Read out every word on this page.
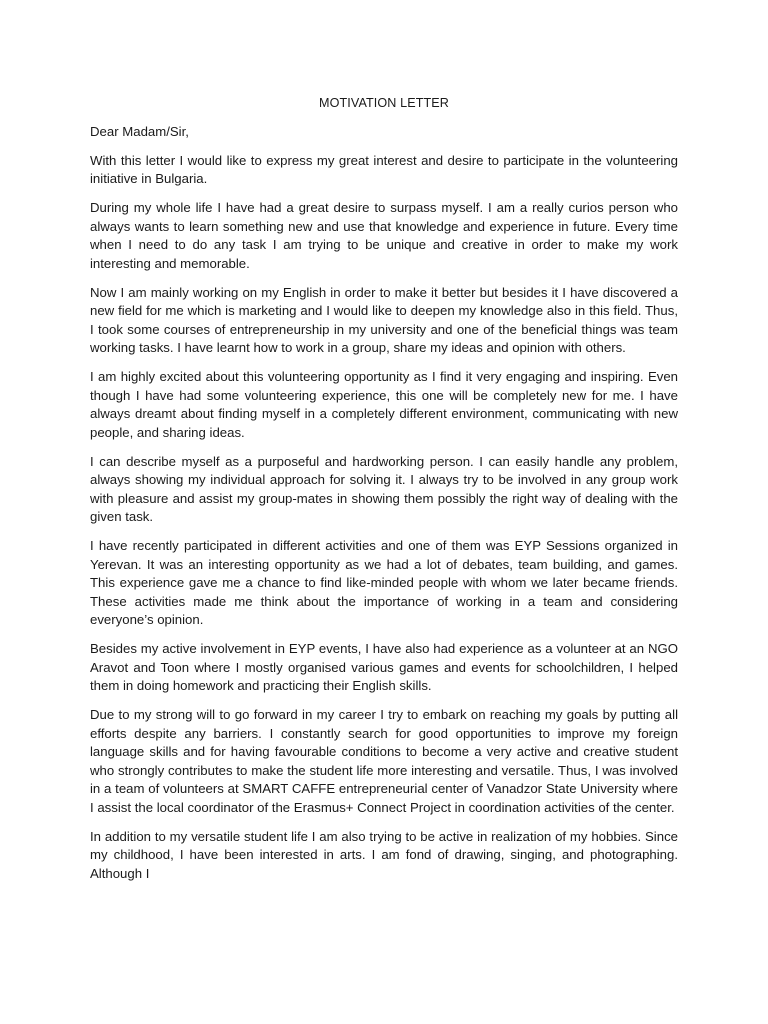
MOTIVATION LETTER
Dear Madam/Sir,

With this letter I would like to express my great interest and desire to participate in the volunteering initiative in Bulgaria.

During my whole life I have had a great desire to surpass myself. I am a really curios person who always wants to learn something new and use that knowledge and experience in future. Every time when I need to do any task I am trying to be unique and creative in order to make my work interesting and memorable.

Now I am mainly working on my English in order to make it better but besides it I have discovered a new field for me which is marketing and I would like to deepen my knowledge also in this field. Thus, I took some courses of entrepreneurship in my university and one of the beneficial things was team working tasks. I have learnt how to work in a group, share my ideas and opinion with others.

I am highly excited about this volunteering opportunity as I find it very engaging and inspiring. Even though I have had some volunteering experience, this one will be completely new for me. I have always dreamt about finding myself in a completely different environment, communicating with new people, and sharing ideas.

I can describe myself as a purposeful and hardworking person. I can easily handle any problem, always showing my individual approach for solving it. I always try to be involved in any group work with pleasure and assist my group-mates in showing them possibly the right way of dealing with the given task.

I have recently participated in different activities and one of them was EYP Sessions organized in Yerevan. It was an interesting opportunity as we had a lot of debates, team building, and games. This experience gave me a chance to find like-minded people with whom we later became friends. These activities made me think about the importance of working in a team and considering everyone’s opinion.

Besides my active involvement in EYP events, I have also had experience as a volunteer at an NGO Aravot and Toon where I mostly organised various games and events for schoolchildren, I helped them in doing homework and practicing their English skills.

Due to my strong will to go forward in my career I try to embark on reaching my goals by putting all efforts despite any barriers. I constantly search for good opportunities to improve my foreign language skills and for having favourable conditions to become a very active and creative student who strongly contributes to make the student life more interesting and versatile. Thus, I was involved in a team of volunteers at SMART CAFFE entrepreneurial center of Vanadzor State University where I assist the local coordinator of the Erasmus+ Connect Project in coordination activities of the center.

In addition to my versatile student life I am also trying to be active in realization of my hobbies. Since my childhood, I have been interested in arts. I am fond of drawing, singing, and photographing. Although I
